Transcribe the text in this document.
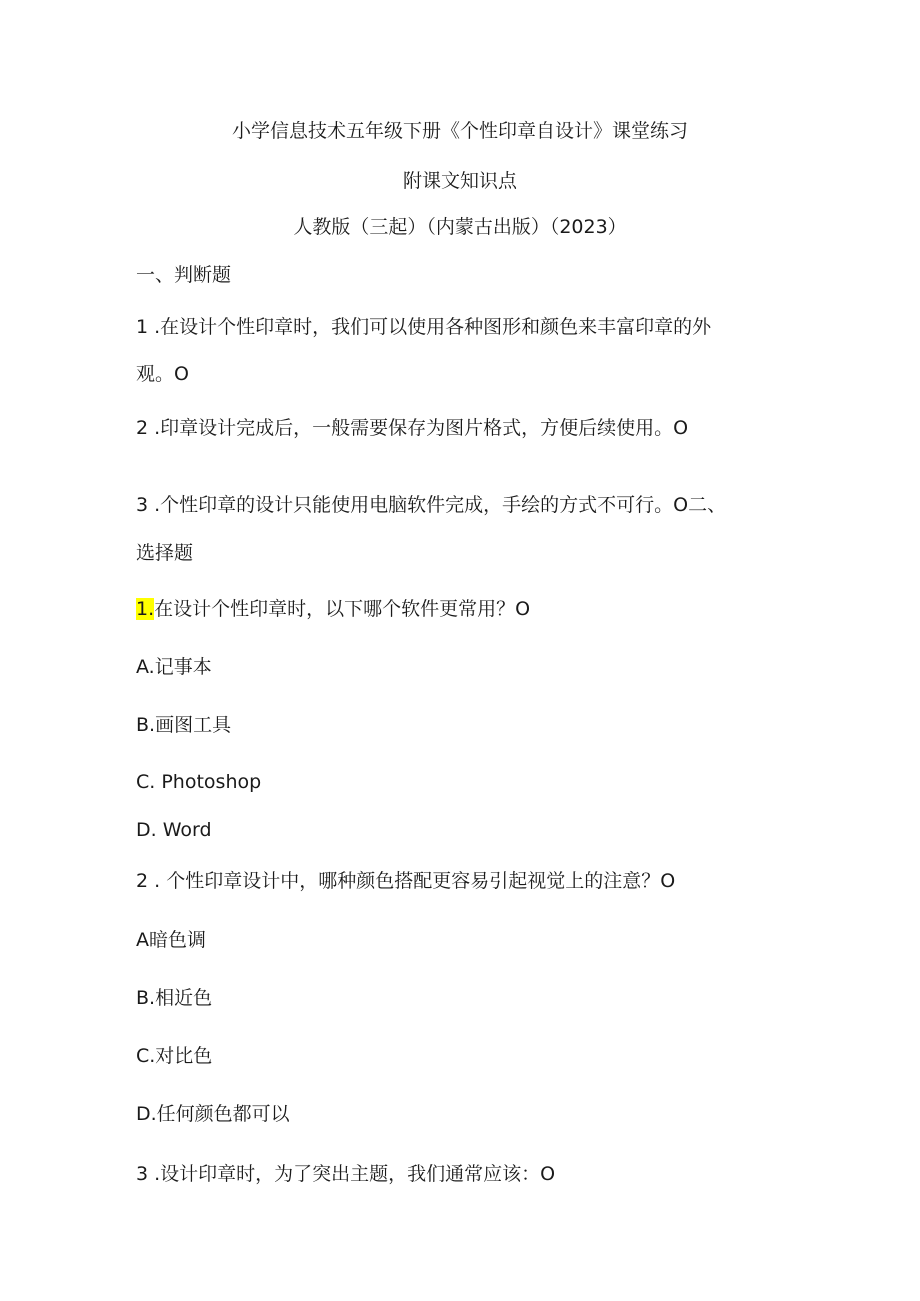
小学信息技术五年级下册《个性印章自设计》课堂练习
附课文知识点
人教版（三起）（内蒙古出版）（2023）
一、判断题
1 .在设计个性印章时，我们可以使用各种图形和颜色来丰富印章的外
观。O
2 .印章设计完成后，一般需要保存为图片格式，方便后续使用。O
3 .个性印章的设计只能使用电脑软件完成，手绘的方式不可行。O二、
选择题
1.在设计个性印章时，以下哪个软件更常用？O
A.记事本
B.画图工具
C. Photoshop
D. Word
2 . 个性印章设计中，哪种颜色搭配更容易引起视觉上的注意？O
A暗色调
B.相近色
C.对比色
D.任何颜色都可以
3 .设计印章时，为了突出主题，我们通常应该：O
